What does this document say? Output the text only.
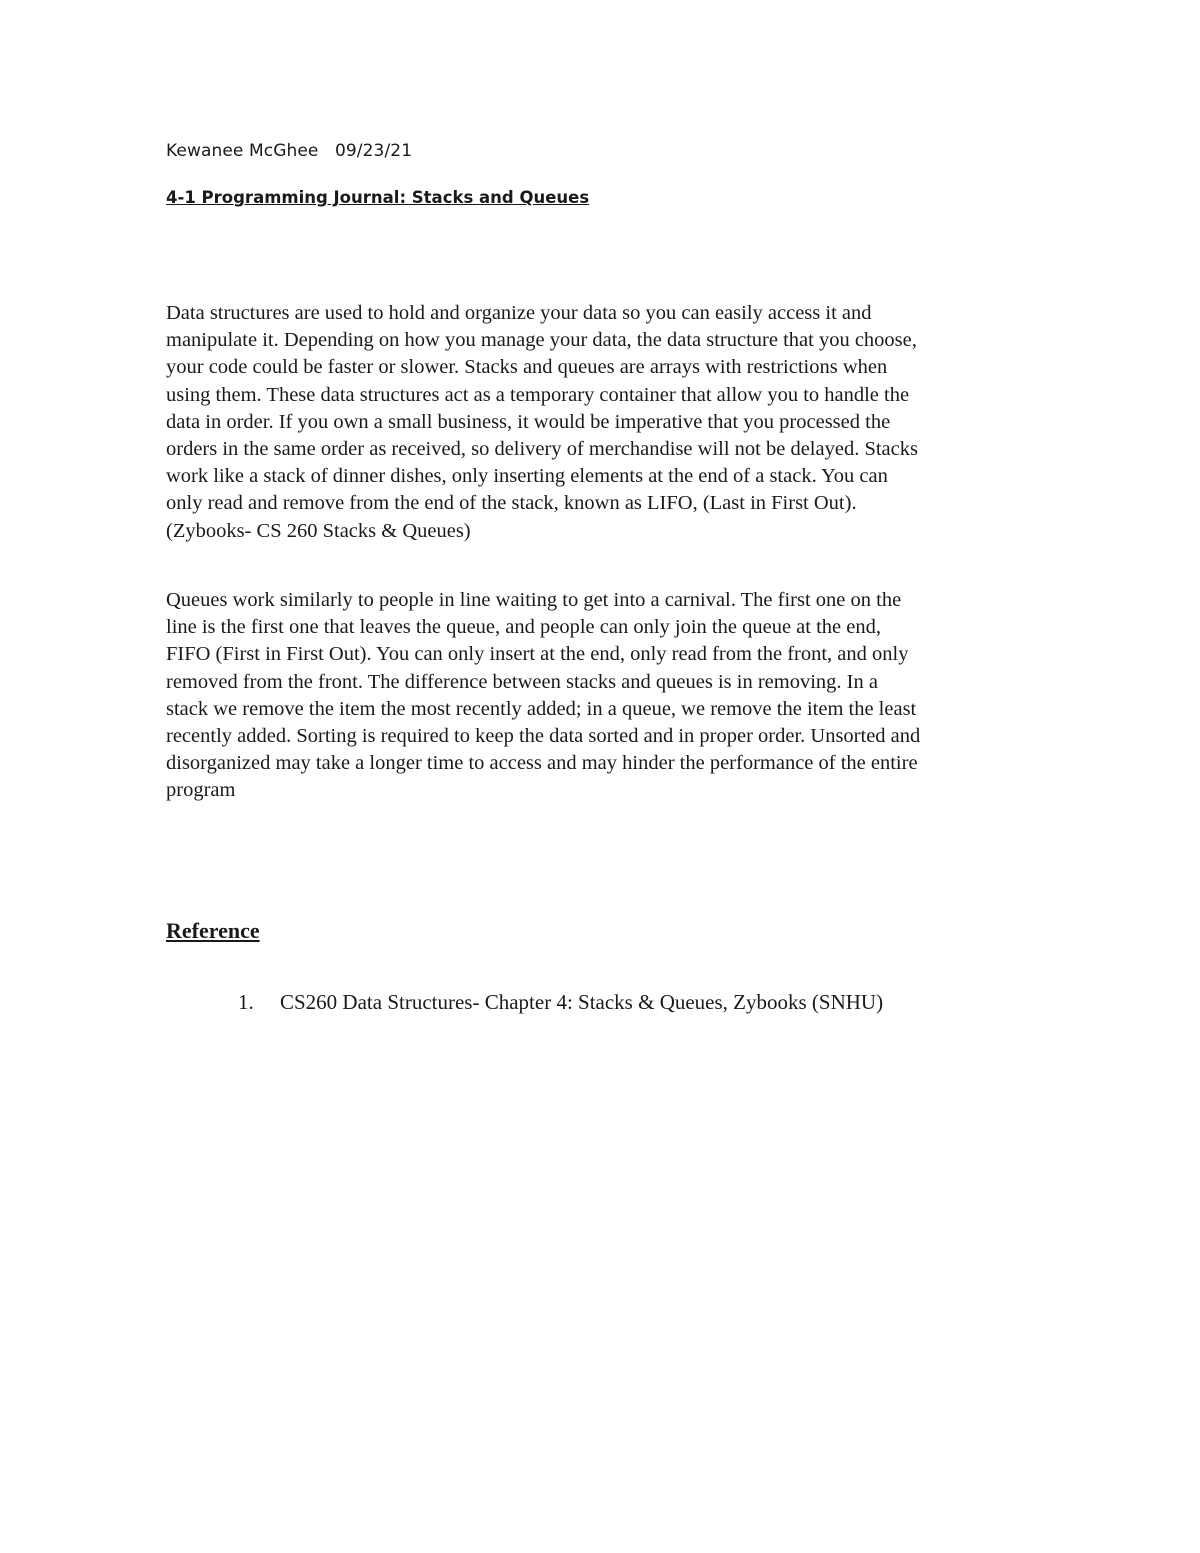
Kewanee McGhee   09/23/21
4-1 Programming Journal: Stacks and Queues
Data structures are used to hold and organize your data so you can easily access it and
manipulate it. Depending on how you manage your data, the data structure that you choose,
your code could be faster or slower. Stacks and queues are arrays with restrictions when
using them. These data structures act as a temporary container that allow you to handle the
data in order. If you own a small business, it would be imperative that you processed the
orders in the same order as received, so delivery of merchandise will not be delayed. Stacks
work like a stack of dinner dishes, only inserting elements at the end of a stack. You can
only read and remove from the end of the stack, known as LIFO, (Last in First Out).
(Zybooks- CS 260 Stacks & Queues)
Queues work similarly to people in line waiting to get into a carnival. The first one on the
line is the first one that leaves the queue, and people can only join the queue at the end,
FIFO (First in First Out). You can only insert at the end, only read from the front, and only
removed from the front. The difference between stacks and queues is in removing. In a
stack we remove the item the most recently added; in a queue, we remove the item the least
recently added. Sorting is required to keep the data sorted and in proper order. Unsorted and
disorganized may take a longer time to access and may hinder the performance of the entire
program
Reference
1. CS260 Data Structures- Chapter 4: Stacks & Queues, Zybooks (SNHU)
